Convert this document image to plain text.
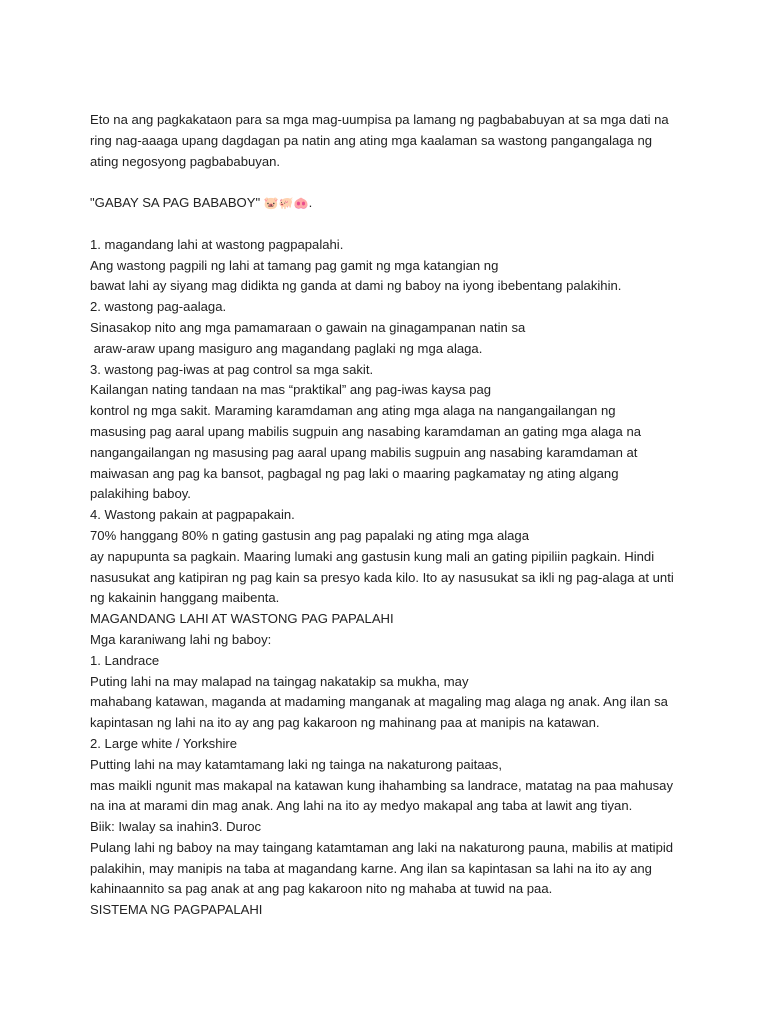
Eto na ang pagkakataon para sa mga mag-uumpisa pa lamang ng pagbababuyan at sa mga dati na
ring nag-aaaga upang dagdagan pa natin ang ating mga kaalaman sa wastong pangangalaga ng
ating negosyong pagbababuyan.
"GABAY SA PAG BABABOY" 🐷🐖🐽.
1. magandang lahi at wastong pagpapalahi.
Ang wastong pagpili ng lahi at tamang pag gamit ng mga katangian ng
bawat lahi ay siyang mag didikta ng ganda at dami ng baboy na iyong ibebentang palakihin.
2. wastong pag-aalaga.
Sinasakop nito ang mga pamamaraan o gawain na ginagampanan natin sa
araw-araw upang masiguro ang magandang paglaki ng mga alaga.
3. wastong pag-iwas at pag control sa mga sakit.
Kailangan nating tandaan na mas “praktikal” ang pag-iwas kaysa pag
kontrol ng mga sakit. Maraming karamdaman ang ating mga alaga na nangangailangan ng
masusing pag aaral upang mabilis sugpuin ang nasabing karamdaman an gating mga alaga na
nangangailangan ng masusing pag aaral upang mabilis sugpuin ang nasabing karamdaman at
maiwasan ang pag ka bansot, pagbagal ng pag laki o maaring pagkamatay ng ating algang
palakihing baboy.
4. Wastong pakain at pagpapakain.
70% hanggang 80% n gating gastusin ang pag papalaki ng ating mga alaga
ay napupunta sa pagkain. Maaring lumaki ang gastusin kung mali an gating pipiliin pagkain. Hindi
nasusukat ang katipiran ng pag kain sa presyo kada kilo. Ito ay nasusukat sa ikli ng pag-alaga at unti
ng kakainin hanggang maibenta.
MAGANDANG LAHI AT WASTONG PAG PAPALAHI
Mga karaniwang lahi ng baboy:
1. Landrace
Puting lahi na may malapad na taingag nakatakip sa mukha, may
mahabang katawan, maganda at madaming manganak at magaling mag alaga ng anak. Ang ilan sa
kapintasan ng lahi na ito ay ang pag kakaroon ng mahinang paa at manipis na katawan.
2. Large white / Yorkshire
Putting lahi na may katamtamang laki ng tainga na nakaturong paitaas,
mas maikli ngunit mas makapal na katawan kung ihahambing sa landrace, matatag na paa mahusay
na ina at marami din mag anak. Ang lahi na ito ay medyo makapal ang taba at lawit ang tiyan.
Biik: Iwalay sa inahin3. Duroc
Pulang lahi ng baboy na may taingang katamtaman ang laki na nakaturong pauna, mabilis at matipid
palakihin, may manipis na taba at magandang karne. Ang ilan sa kapintasan sa lahi na ito ay ang
kahinaannito sa pag anak at ang pag kakaroon nito ng mahaba at tuwid na paa.
SISTEMA NG PAGPAPALAHI
